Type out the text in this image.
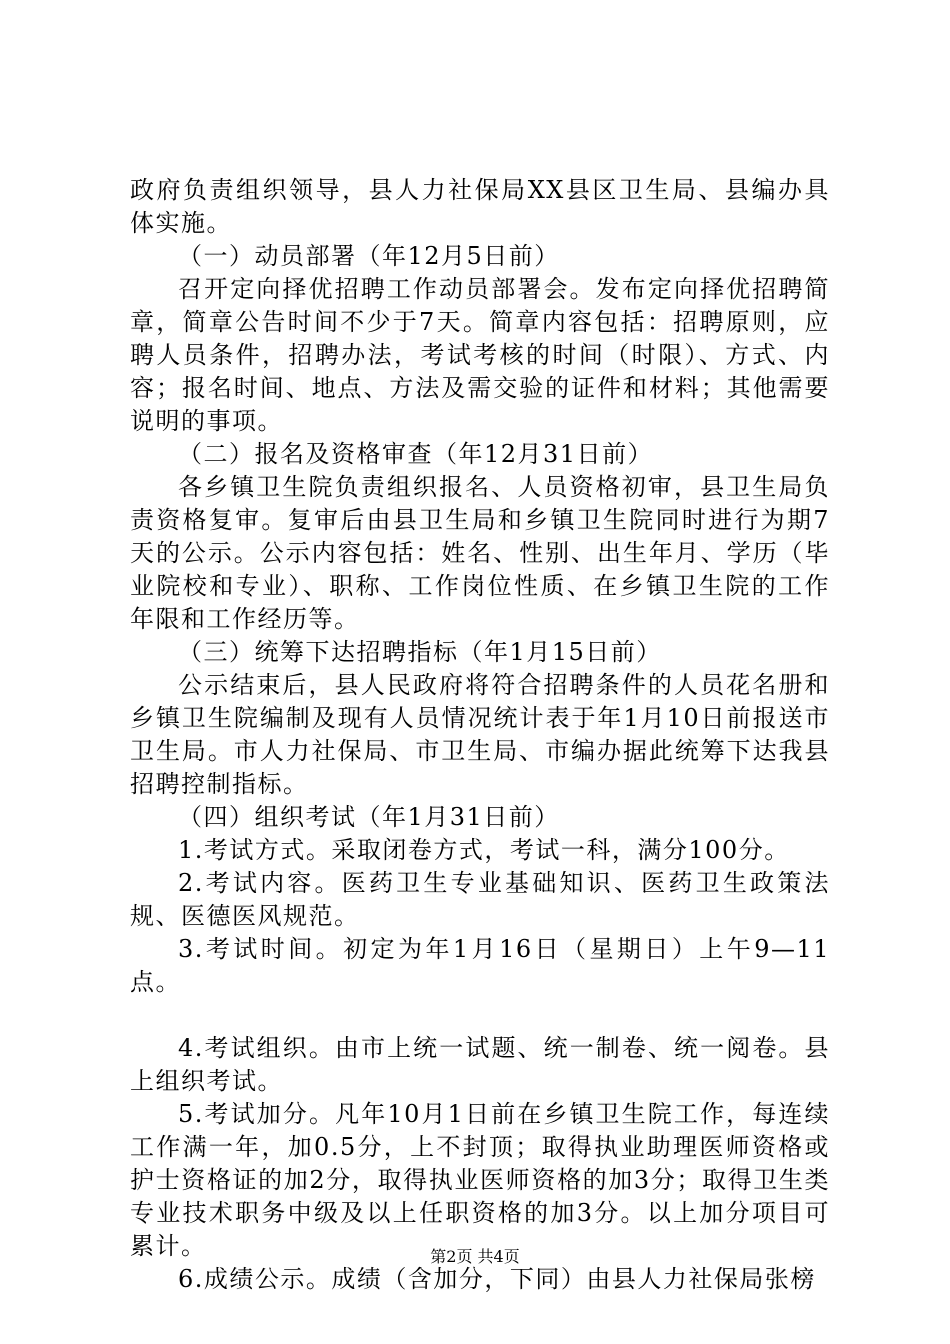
政府负责组织领导，县人力社保局XX县区卫生局、县编办具体实施。

（一）动员部署（年12月5日前）

召开定向择优招聘工作动员部署会。发布定向择优招聘简章，简章公告时间不少于7天。简章内容包括：招聘原则，应聘人员条件，招聘办法，考试考核的时间（时限）、方式、内容；报名时间、地点、方法及需交验的证件和材料；其他需要说明的事项。

（二）报名及资格审查（年12月31日前）

各乡镇卫生院负责组织报名、人员资格初审，县卫生局负责资格复审。复审后由县卫生局和乡镇卫生院同时进行为期7天的公示。公示内容包括：姓名、性别、出生年月、学历（毕业院校和专业）、职称、工作岗位性质、在乡镇卫生院的工作年限和工作经历等。

（三）统筹下达招聘指标（年1月15日前）

公示结束后，县人民政府将符合招聘条件的人员花名册和乡镇卫生院编制及现有人员情况统计表于年1月10日前报送市卫生局。市人力社保局、市卫生局、市编办据此统筹下达我县招聘控制指标。

（四）组织考试（年1月31日前）

1.考试方式。采取闭卷方式，考试一科，满分100分。

2.考试内容。医药卫生专业基础知识、医药卫生政策法规、医德医风规范。

3.考试时间。初定为年1月16日（星期日）上午9—11点。

4.考试组织。由市上统一试题、统一制卷、统一阅卷。县上组织考试。

5.考试加分。凡年10月1日前在乡镇卫生院工作，每连续工作满一年，加0.5分，上不封顶；取得执业助理医师资格或护士资格证的加2分，取得执业医师资格的加3分；取得卫生类专业技术职务中级及以上任职资格的加3分。以上加分项目可累计。

6.成绩公示。成绩（含加分，下同）由县人力社保局张榜

第2页 共4页
